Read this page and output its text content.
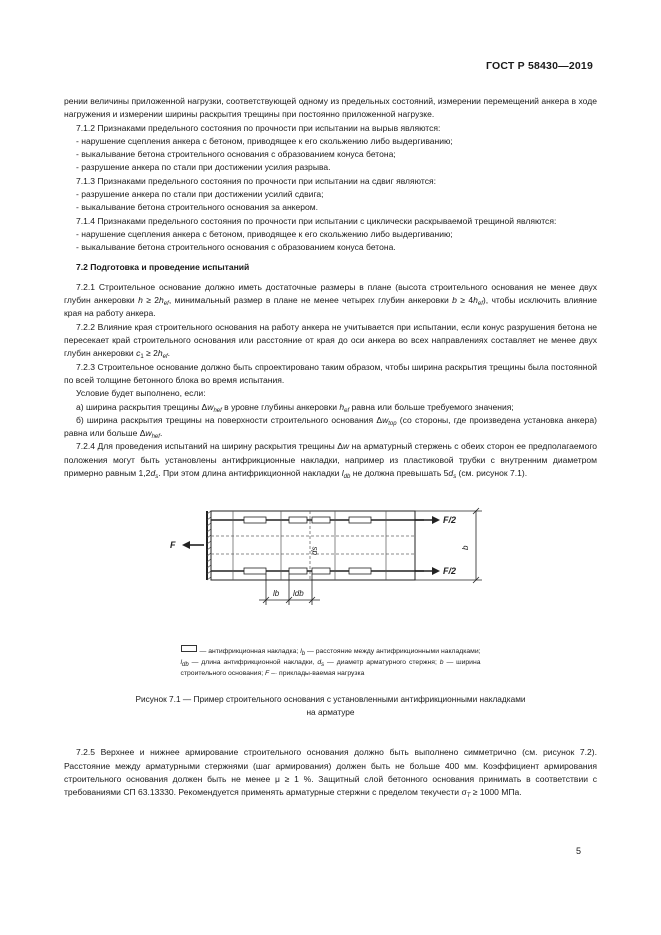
ГОСТ Р 58430—2019

рении величины приложенной нагрузки, соответствующей одному из предельных состояний, измерении перемещений анкера в ходе нагружения и измерении ширины раскрытия трещины при постоянно приложенной нагрузке.

7.1.2 Признаками предельного состояния по прочности при испытании на вырыв являются:

- нарушение сцепления анкера с бетоном, приводящее к его скольжению либо выдергиванию;

- выкалывание бетона строительного основания с образованием конуса бетона;

- разрушение анкера по стали при достижении усилия разрыва.

7.1.3 Признаками предельного состояния по прочности при испытании на сдвиг являются:

- разрушение анкера по стали при достижении усилий сдвига;

- выкалывание бетона строительного основания за анкером.

7.1.4 Признаками предельного состояния по прочности при испытании с циклически раскрываемой трещиной являются:

- нарушение сцепления анкера с бетоном, приводящее к его скольжению либо выдергиванию;

- выкалывание бетона строительного основания с образованием конуса бетона.

7.2 Подготовка и проведение испытаний

7.2.1 Строительное основание должно иметь достаточные размеры в плане (высота строительного основания не менее двух глубин анкеровки $h \ge 2h_{ef}$, минимальный размер в плане не менее четырех глубин анкеровки $b \ge 4h_{ef}$), чтобы исключить влияние края на работу анкера.

7.2.2 Влияние края строительного основания на работу анкера не учитывается при испытании, если конус разрушения бетона не пересекает край строительного основания или расстояние от края до оси анкера во всех направлениях составляет не менее двух глубин анкеровки $c_1 \ge 2h_{ef}$.

7.2.3 Строительное основание должно быть спроектировано таким образом, чтобы ширина раскрытия трещины была постоянной по всей толщине бетонного блока во время испытания.

Условие будет выполнено, если:

а) ширина раскрытия трещины $\Delta w_{hef}$ в уровне глубины анкеровки $h_{ef}$ равна или больше требуемого значения;

б) ширина раскрытия трещины на поверхности строительного основания $\Delta w_{top}$ (со стороны, где произведена установка анкера) равна или больше $\Delta w_{hef}$.

7.2.4 Для проведения испытаний на ширину раскрытия трещины Δw на арматурный стержень с обеих сторон ее предполагаемого положения могут быть установлены антифрикционные накладки, например из пластиковой трубки с внутренним диаметром примерно равным $1,2d_s$. При этом длина антифрикционной накладки $l_{db}$ не должна превышать $5d_s$ (см. рисунок 7.1).

F/2
F/2
F	b
ds
lb ldb
— антифрикционная накладка; $l_b$ — расстояние между антифрикционными накладками; $l_{db}$ — длина антифрикционной накладки, $d_s$ — диаметр арматурного стержня; b — ширина строительного основания; F –· приклады-ваемая нагрузка
Рисунок 7.1 — Пример строительного основания с установленными антифрикционными накладками на арматуре

7.2.5 Верхнее и нижнее армирование строительного основания должно быть выполнено симметрично (см. рисунок 7.2). Расстояние между арматурными стержнями (шаг армирования) должен быть не больше 400 мм. Коэффициент армирования строительного основания должен быть не менее μ ≥ 1 %. Защитный слой бетонного основания принимать в соответствии с требованиями СП 63.13330. Рекомендуется применять арматурные стержни с пределом текучести $\sigma_T \ge 1000$ МПа.

5
